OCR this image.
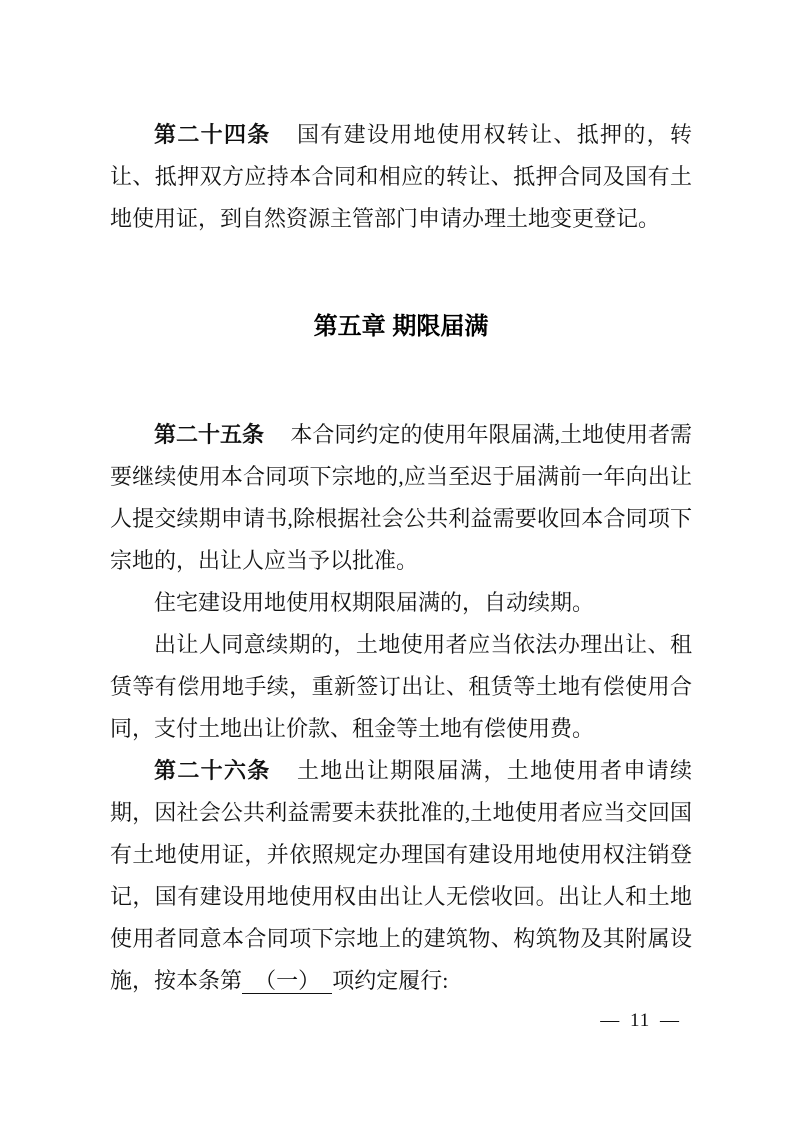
第二十四条 国有建设用地使用权转让、抵押的，转让、抵押双方应持本合同和相应的转让、抵押合同及国有土地使用证，到自然资源主管部门申请办理土地变更登记。

第五章 期限届满

第二十五条 本合同约定的使用年限届满,土地使用者需要继续使用本合同项下宗地的,应当至迟于届满前一年向出让人提交续期申请书,除根据社会公共利益需要收回本合同项下宗地的，出让人应当予以批准。

住宅建设用地使用权期限届满的，自动续期。

出让人同意续期的，土地使用者应当依法办理出让、租赁等有偿用地手续，重新签订出让、租赁等土地有偿使用合同，支付土地出让价款、租金等土地有偿使用费。

第二十六条 土地出让期限届满，土地使用者申请续期，因社会公共利益需要未获批准的,土地使用者应当交回国有土地使用证，并依照规定办理国有建设用地使用权注销登记，国有建设用地使用权由出让人无偿收回。出让人和土地使用者同意本合同项下宗地上的建筑物、构筑物及其附属设施，按本条第 （一） 项约定履行:

— 11 —
